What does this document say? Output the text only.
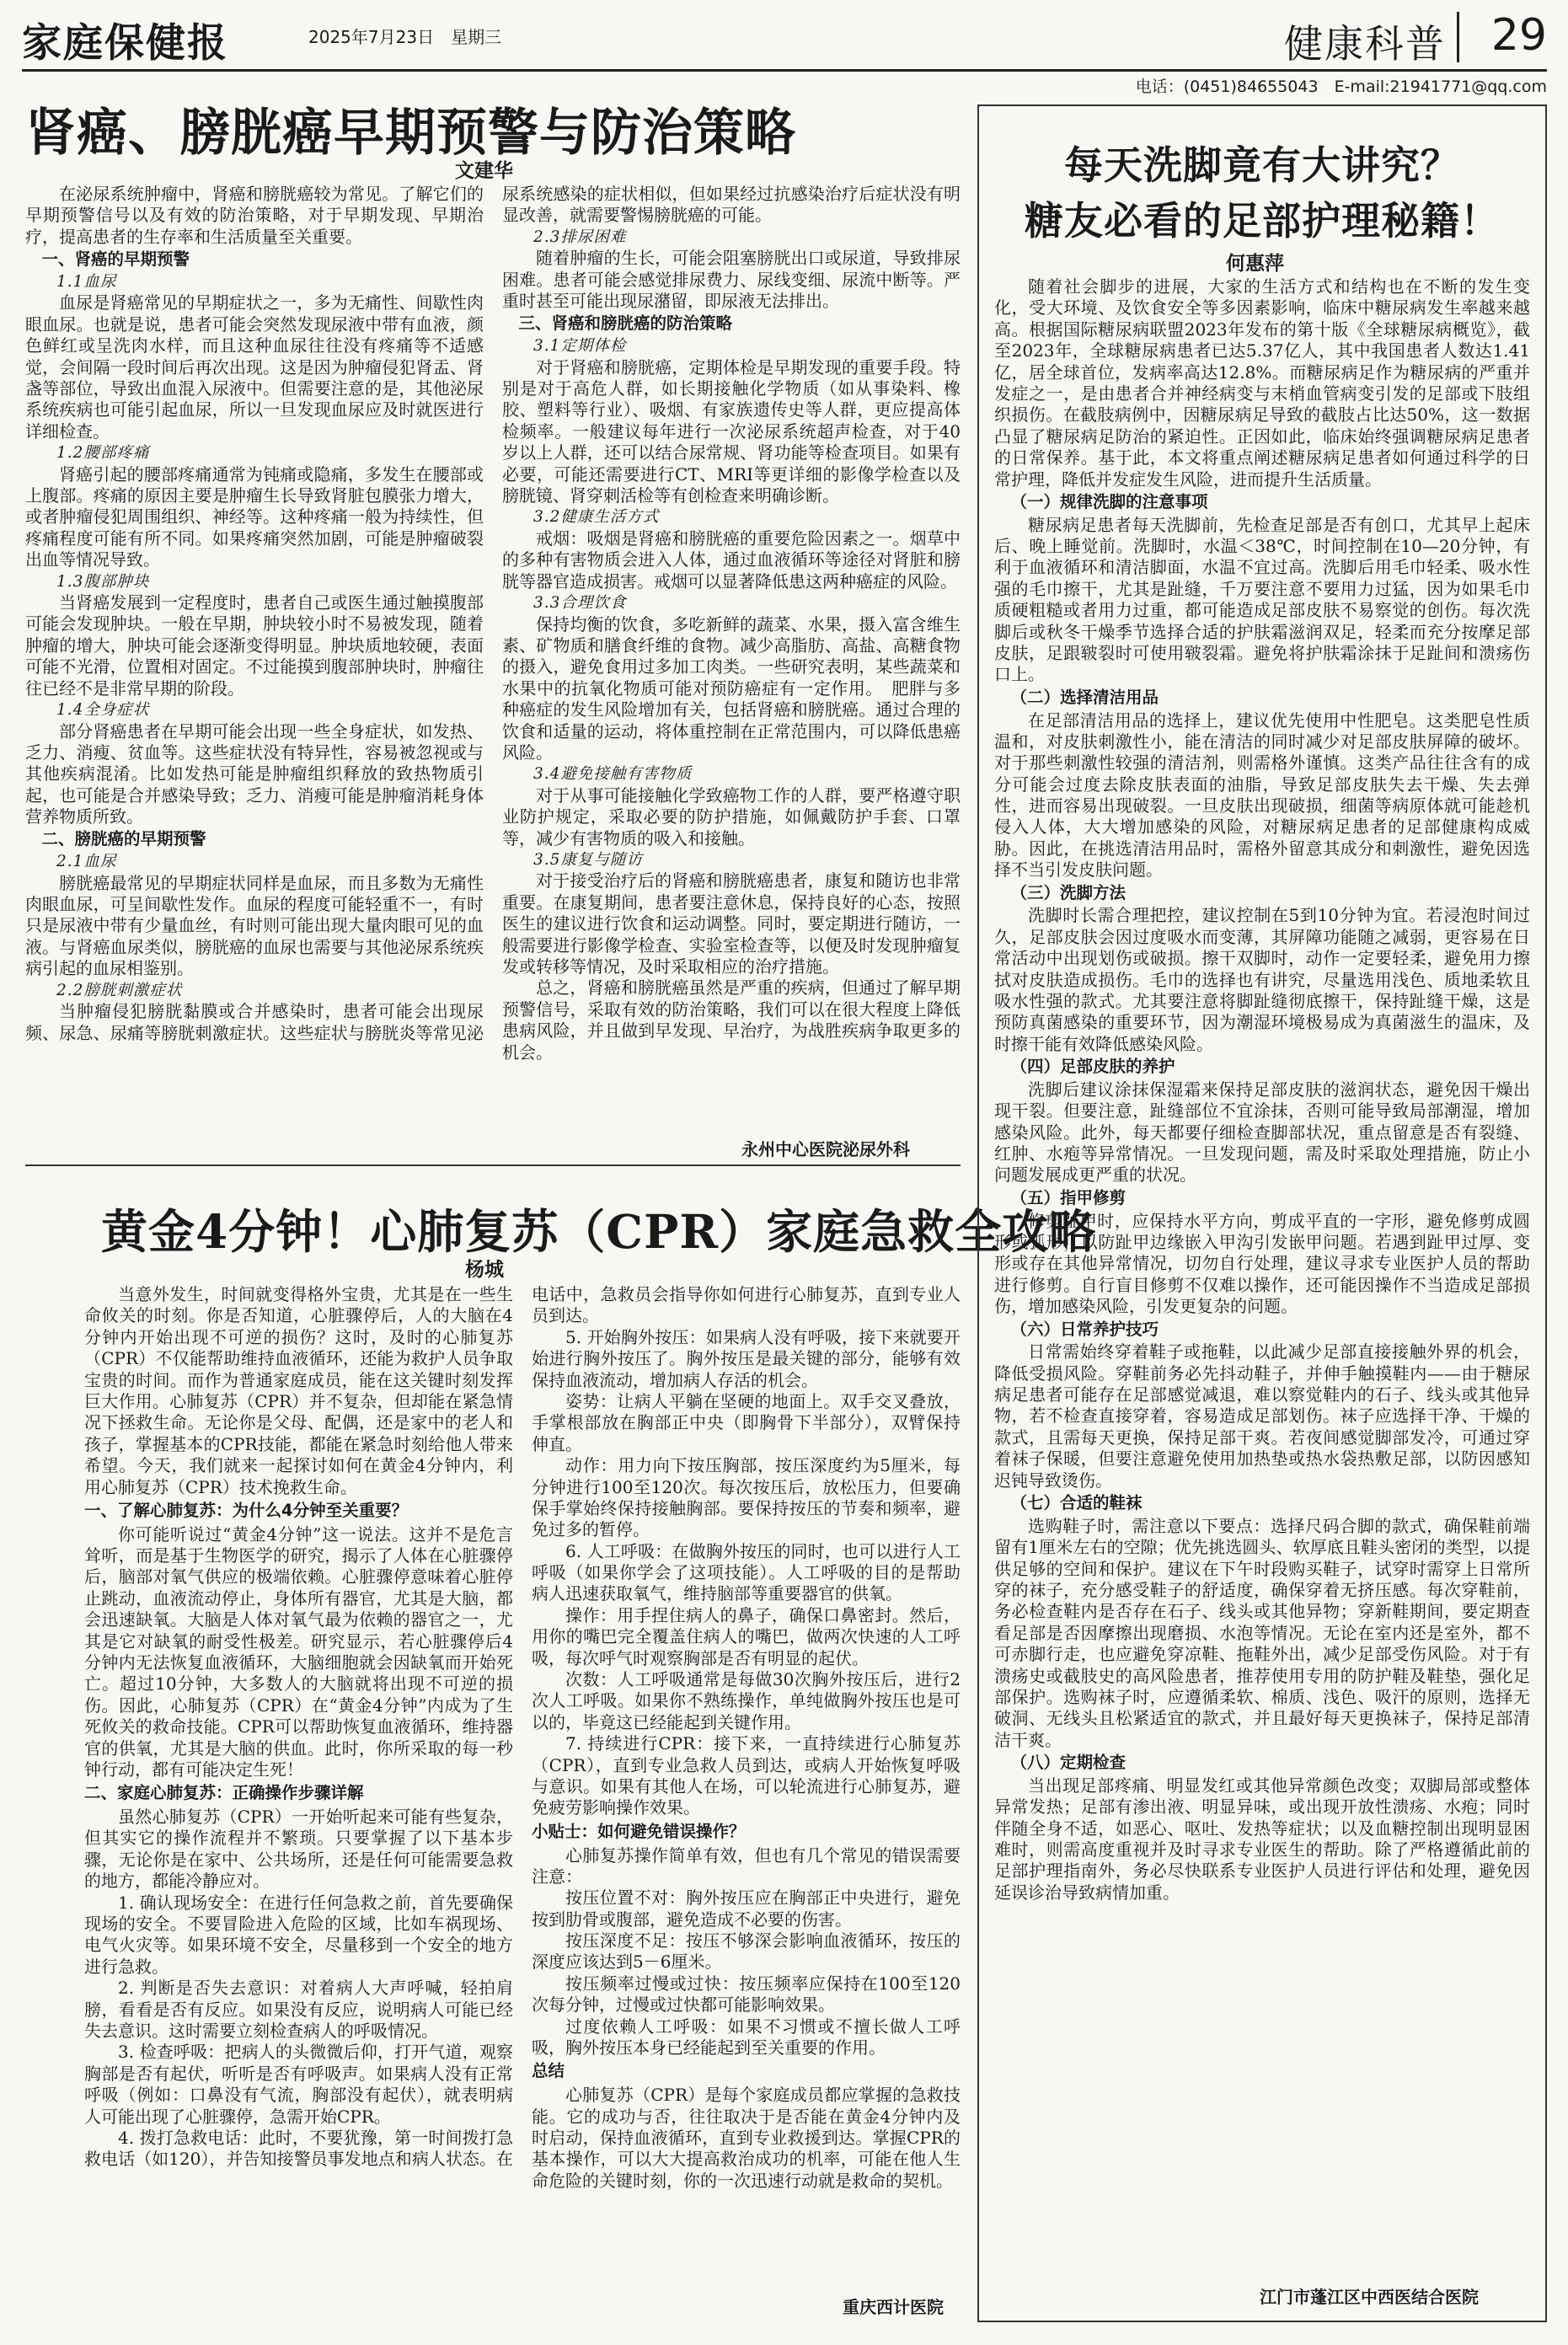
家庭保健报	2025年7月23日　星期三	健康科普 29
电话：(0451)84655043　E-mail:21941771@qq.com
肾癌、膀胱癌早期预警与防治策略
文建华

在泌尿系统肿瘤中，肾癌和膀胱癌较为常见。了解它们的早期预警信号以及有效的防治策略，对于早期发现、早期治疗，提高患者的生存率和生活质量至关重要。

一、肾癌的早期预警

1.1血尿

血尿是肾癌常见的早期症状之一，多为无痛性、间歇性肉眼血尿。也就是说，患者可能会突然发现尿液中带有血液，颜色鲜红或呈洗肉水样，而且这种血尿往往没有疼痛等不适感觉，会间隔一段时间后再次出现。这是因为肿瘤侵犯肾盂、肾盏等部位，导致出血混入尿液中。但需要注意的是，其他泌尿系统疾病也可能引起血尿，所以一旦发现血尿应及时就医进行详细检查。

1.2腰部疼痛

肾癌引起的腰部疼痛通常为钝痛或隐痛，多发生在腰部或上腹部。疼痛的原因主要是肿瘤生长导致肾脏包膜张力增大，或者肿瘤侵犯周围组织、神经等。这种疼痛一般为持续性，但疼痛程度可能有所不同。如果疼痛突然加剧，可能是肿瘤破裂出血等情况导致。

1.3腹部肿块

当肾癌发展到一定程度时，患者自己或医生通过触摸腹部可能会发现肿块。一般在早期，肿块较小时不易被发现，随着肿瘤的增大，肿块可能会逐渐变得明显。肿块质地较硬，表面可能不光滑，位置相对固定。不过能摸到腹部肿块时，肿瘤往往已经不是非常早期的阶段。

1.4全身症状

部分肾癌患者在早期可能会出现一些全身症状，如发热、乏力、消瘦、贫血等。这些症状没有特异性，容易被忽视或与其他疾病混淆。比如发热可能是肿瘤组织释放的致热物质引起，也可能是合并感染导致；乏力、消瘦可能是肿瘤消耗身体营养物质所致。

二、膀胱癌的早期预警

2.1血尿

膀胱癌最常见的早期症状同样是血尿，而且多数为无痛性肉眼血尿，可呈间歇性发作。血尿的程度可能轻重不一，有时只是尿液中带有少量血丝，有时则可能出现大量肉眼可见的血液。与肾癌血尿类似，膀胱癌的血尿也需要与其他泌尿系统疾病引起的血尿相鉴别。

2.2膀胱刺激症状

当肿瘤侵犯膀胱黏膜或合并感染时，患者可能会出现尿频、尿急、尿痛等膀胱刺激症状。这些症状与膀胱炎等常见泌尿系统感染的症状相似，但如果经过抗感染治疗后症状没有明显改善，就需要警惕膀胱癌的可能。

2.3排尿困难

随着肿瘤的生长，可能会阻塞膀胱出口或尿道，导致排尿困难。患者可能会感觉排尿费力、尿线变细、尿流中断等。严重时甚至可能出现尿潴留，即尿液无法排出。

三、肾癌和膀胱癌的防治策略

3.1定期体检

对于肾癌和膀胱癌，定期体检是早期发现的重要手段。特别是对于高危人群，如长期接触化学物质（如从事染料、橡胶、塑料等行业）、吸烟、有家族遗传史等人群，更应提高体检频率。一般建议每年进行一次泌尿系统超声检查，对于40岁以上人群，还可以结合尿常规、肾功能等检查项目。如果有必要，可能还需要进行CT、MRI等更详细的影像学检查以及膀胱镜、肾穿刺活检等有创检查来明确诊断。

3.2健康生活方式

戒烟：吸烟是肾癌和膀胱癌的重要危险因素之一。烟草中的多种有害物质会进入人体，通过血液循环等途径对肾脏和膀胱等器官造成损害。戒烟可以显著降低患这两种癌症的风险。

3.3合理饮食

保持均衡的饮食，多吃新鲜的蔬菜、水果，摄入富含维生素、矿物质和膳食纤维的食物。减少高脂肪、高盐、高糖食物的摄入，避免食用过多加工肉类。一些研究表明，某些蔬菜和水果中的抗氧化物质可能对预防癌症有一定作用。　肥胖与多种癌症的发生风险增加有关，包括肾癌和膀胱癌。通过合理的饮食和适量的运动，将体重控制在正常范围内，可以降低患癌风险。

3.4避免接触有害物质

对于从事可能接触化学致癌物工作的人群，要严格遵守职业防护规定，采取必要的防护措施，如佩戴防护手套、口罩等，减少有害物质的吸入和接触。

3.5康复与随访

对于接受治疗后的肾癌和膀胱癌患者，康复和随访也非常重要。在康复期间，患者要注意休息，保持良好的心态，按照医生的建议进行饮食和运动调整。同时，要定期进行随访，一般需要进行影像学检查、实验室检查等，以便及时发现肿瘤复发或转移等情况，及时采取相应的治疗措施。

总之，肾癌和膀胱癌虽然是严重的疾病，但通过了解早期预警信号，采取有效的防治策略，我们可以在很大程度上降低患病风险，并且做到早发现、早治疗，为战胜疾病争取更多的机会。

永州中心医院泌尿外科
黄金4分钟！心肺复苏（CPR）家庭急救全攻略
杨城

当意外发生，时间就变得格外宝贵，尤其是在一些生命攸关的时刻。你是否知道，心脏骤停后，人的大脑在4分钟内开始出现不可逆的损伤？这时，及时的心肺复苏（CPR）不仅能帮助维持血液循环，还能为救护人员争取宝贵的时间。而作为普通家庭成员，能在这关键时刻发挥巨大作用。心肺复苏（CPR）并不复杂，但却能在紧急情况下拯救生命。无论你是父母、配偶，还是家中的老人和孩子，掌握基本的CPR技能，都能在紧急时刻给他人带来希望。今天，我们就来一起探讨如何在黄金4分钟内，利用心肺复苏（CPR）技术挽救生命。

一、了解心肺复苏：为什么4分钟至关重要？

你可能听说过“黄金4分钟”这一说法。这并不是危言耸听，而是基于生物医学的研究，揭示了人体在心脏骤停后，脑部对氧气供应的极端依赖。心脏骤停意味着心脏停止跳动，血液流动停止，身体所有器官，尤其是大脑，都会迅速缺氧。大脑是人体对氧气最为依赖的器官之一，尤其是它对缺氧的耐受性极差。研究显示，若心脏骤停后4分钟内无法恢复血液循环，大脑细胞就会因缺氧而开始死亡。超过10分钟，大多数人的大脑就将出现不可逆的损伤。因此，心肺复苏（CPR）在“黄金4分钟”内成为了生死攸关的救命技能。CPR可以帮助恢复血液循环，维持器官的供氧，尤其是大脑的供血。此时，你所采取的每一秒钟行动，都有可能决定生死！

二、家庭心肺复苏：正确操作步骤详解

虽然心肺复苏（CPR）一开始听起来可能有些复杂，但其实它的操作流程并不繁琐。只要掌握了以下基本步骤，无论你是在家中、公共场所，还是任何可能需要急救的地方，都能冷静应对。

1. 确认现场安全：在进行任何急救之前，首先要确保现场的安全。不要冒险进入危险的区域，比如车祸现场、电气火灾等。如果环境不安全，尽量移到一个安全的地方进行急救。

2. 判断是否失去意识：对着病人大声呼喊，轻拍肩膀，看看是否有反应。如果没有反应，说明病人可能已经失去意识。这时需要立刻检查病人的呼吸情况。

3. 检查呼吸：把病人的头微微后仰，打开气道，观察胸部是否有起伏，听听是否有呼吸声。如果病人没有正常呼吸（例如：口鼻没有气流，胸部没有起伏），就表明病人可能出现了心脏骤停，急需开始CPR。

4. 拨打急救电话：此时，不要犹豫，第一时间拨打急救电话（如120），并告知接警员事发地点和病人状态。在电话中，急救员会指导你如何进行心肺复苏，直到专业人员到达。

5. 开始胸外按压：如果病人没有呼吸，接下来就要开始进行胸外按压了。胸外按压是最关键的部分，能够有效保持血液流动，增加病人存活的机会。

姿势：让病人平躺在坚硬的地面上。双手交叉叠放，手掌根部放在胸部正中央（即胸骨下半部分），双臂保持伸直。

动作：用力向下按压胸部，按压深度约为5厘米，每分钟进行100至120次。每次按压后，放松压力，但要确保手掌始终保持接触胸部。要保持按压的节奏和频率，避免过多的暂停。

6. 人工呼吸：在做胸外按压的同时，也可以进行人工呼吸（如果你学会了这项技能）。人工呼吸的目的是帮助病人迅速获取氧气，维持脑部等重要器官的供氧。

操作：用手捏住病人的鼻子，确保口鼻密封。然后，用你的嘴巴完全覆盖住病人的嘴巴，做两次快速的人工呼吸，每次呼气时观察胸部是否有明显的起伏。

次数：人工呼吸通常是每做30次胸外按压后，进行2次人工呼吸。如果你不熟练操作，单纯做胸外按压也是可以的，毕竟这已经能起到关键作用。

7. 持续进行CPR：接下来，一直持续进行心肺复苏（CPR），直到专业急救人员到达，或病人开始恢复呼吸与意识。如果有其他人在场，可以轮流进行心肺复苏，避免疲劳影响操作效果。

小贴士：如何避免错误操作？

心肺复苏操作简单有效，但也有几个常见的错误需要注意：

按压位置不对：胸外按压应在胸部正中央进行，避免按到肋骨或腹部，避免造成不必要的伤害。

按压深度不足：按压不够深会影响血液循环，按压的深度应该达到5－6厘米。

按压频率过慢或过快：按压频率应保持在100至120次每分钟，过慢或过快都可能影响效果。

过度依赖人工呼吸：如果不习惯或不擅长做人工呼吸，胸外按压本身已经能起到至关重要的作用。

总结

心肺复苏（CPR）是每个家庭成员都应掌握的急救技能。它的成功与否，往往取决于是否能在黄金4分钟内及时启动，保持血液循环，直到专业救援到达。掌握CPR的基本操作，可以大大提高救治成功的机率，可能在他人生命危险的关键时刻，你的一次迅速行动就是救命的契机。

重庆西计医院
每天洗脚竟有大讲究？
糖友必看的足部护理秘籍！
何惠萍

随着社会脚步的进展，大家的生活方式和结构也在不断的发生变化，受大环境、及饮食安全等多因素影响，临床中糖尿病发生率越来越高。根据国际糖尿病联盟2023年发布的第十版《全球糖尿病概览》，截至2023年，全球糖尿病患者已达5.37亿人，其中我国患者人数达1.41亿，居全球首位，发病率高达12.8%。而糖尿病足作为糖尿病的严重并发症之一，是由患者合并神经病变与末梢血管病变引发的足部或下肢组织损伤。在截肢病例中，因糖尿病足导致的截肢占比达50%，这一数据凸显了糖尿病足防治的紧迫性。正因如此，临床始终强调糖尿病足患者的日常保养。基于此，本文将重点阐述糖尿病足患者如何通过科学的日常护理，降低并发症发生风险，进而提升生活质量。

（一）规律洗脚的注意事项

糖尿病足患者每天洗脚前，先检查足部是否有创口，尤其早上起床后、晚上睡觉前。洗脚时，水温＜38℃，时间控制在10—20分钟，有利于血液循环和清洁脚面，水温不宜过高。洗脚后用毛巾轻柔、吸水性强的毛巾擦干，尤其是趾缝，千万要注意不要用力过猛，因为如果毛巾质硬粗糙或者用力过重，都可能造成足部皮肤不易察觉的创伤。每次洗脚后或秋冬干燥季节选择合适的护肤霜滋润双足，轻柔而充分按摩足部皮肤，足跟皲裂时可使用皲裂霜。避免将护肤霜涂抹于足趾间和溃疡伤口上。

（二）选择清洁用品

在足部清洁用品的选择上，建议优先使用中性肥皂。这类肥皂性质温和，对皮肤刺激性小，能在清洁的同时减少对足部皮肤屏障的破坏。对于那些刺激性较强的清洁剂，则需格外谨慎。这类产品往往含有的成分可能会过度去除皮肤表面的油脂，导致足部皮肤失去干燥、失去弹性，进而容易出现破裂。一旦皮肤出现破损，细菌等病原体就可能趁机侵入人体，大大增加感染的风险，对糖尿病足患者的足部健康构成威胁。因此，在挑选清洁用品时，需格外留意其成分和刺激性，避免因选择不当引发皮肤问题。

（三）洗脚方法

洗脚时长需合理把控，建议控制在5到10分钟为宜。若浸泡时间过久，足部皮肤会因过度吸水而变薄，其屏障功能随之减弱，更容易在日常活动中出现划伤或破损。擦干双脚时，动作一定要轻柔，避免用力擦拭对皮肤造成损伤。毛巾的选择也有讲究，尽量选用浅色、质地柔软且吸水性强的款式。尤其要注意将脚趾缝彻底擦干，保持趾缝干燥，这是预防真菌感染的重要环节，因为潮湿环境极易成为真菌滋生的温床，及时擦干能有效降低感染风险。

（四）足部皮肤的养护

洗脚后建议涂抹保湿霜来保持足部皮肤的滋润状态，避免因干燥出现干裂。但要注意，趾缝部位不宜涂抹，否则可能导致局部潮湿，增加感染风险。此外，每天都要仔细检查脚部状况，重点留意是否有裂缝、红肿、水疱等异常情况。一旦发现问题，需及时采取处理措施，防止小问题发展成更严重的状况。

（五）指甲修剪

修剪趾甲时，应保持水平方向，剪成平直的一字形，避免修剪成圆形或弧形，以防趾甲边缘嵌入甲沟引发嵌甲问题。若遇到趾甲过厚、变形或存在其他异常情况，切勿自行处理，建议寻求专业医护人员的帮助进行修剪。自行盲目修剪不仅难以操作，还可能因操作不当造成足部损伤，增加感染风险，引发更复杂的问题。

（六）日常养护技巧

日常需始终穿着鞋子或拖鞋，以此减少足部直接接触外界的机会，降低受损风险。穿鞋前务必先抖动鞋子，并伸手触摸鞋内——由于糖尿病足患者可能存在足部感觉减退，难以察觉鞋内的石子、线头或其他异物，若不检查直接穿着，容易造成足部划伤。袜子应选择干净、干燥的款式，且需每天更换，保持足部干爽。若夜间感觉脚部发冷，可通过穿着袜子保暖，但要注意避免使用加热垫或热水袋热敷足部，以防因感知迟钝导致烫伤。

（七）合适的鞋袜

选购鞋子时，需注意以下要点：选择尺码合脚的款式，确保鞋前端留有1厘米左右的空隙；优先挑选圆头、软厚底且鞋头密闭的类型，以提供足够的空间和保护。建议在下午时段购买鞋子，试穿时需穿上日常所穿的袜子，充分感受鞋子的舒适度，确保穿着无挤压感。每次穿鞋前，务必检查鞋内是否存在石子、线头或其他异物；穿新鞋期间，要定期查看足部是否因摩擦出现磨损、水泡等情况。无论在室内还是室外，都不可赤脚行走，也应避免穿凉鞋、拖鞋外出，减少足部受伤风险。对于有溃疡史或截肢史的高风险患者，推荐使用专用的防护鞋及鞋垫，强化足部保护。选购袜子时，应遵循柔软、棉质、浅色、吸汗的原则，选择无破洞、无线头且松紧适宜的款式，并且最好每天更换袜子，保持足部清洁干爽。

（八）定期检查

当出现足部疼痛、明显发红或其他异常颜色改变；双脚局部或整体异常发热；足部有渗出液、明显异味，或出现开放性溃疡、水疱；同时伴随全身不适，如恶心、呕吐、发热等症状；以及血糖控制出现明显困难时，则需高度重视并及时寻求专业医生的帮助。除了严格遵循此前的足部护理指南外，务必尽快联系专业医护人员进行评估和处理，避免因延误诊治导致病情加重。

江门市蓬江区中西医结合医院
